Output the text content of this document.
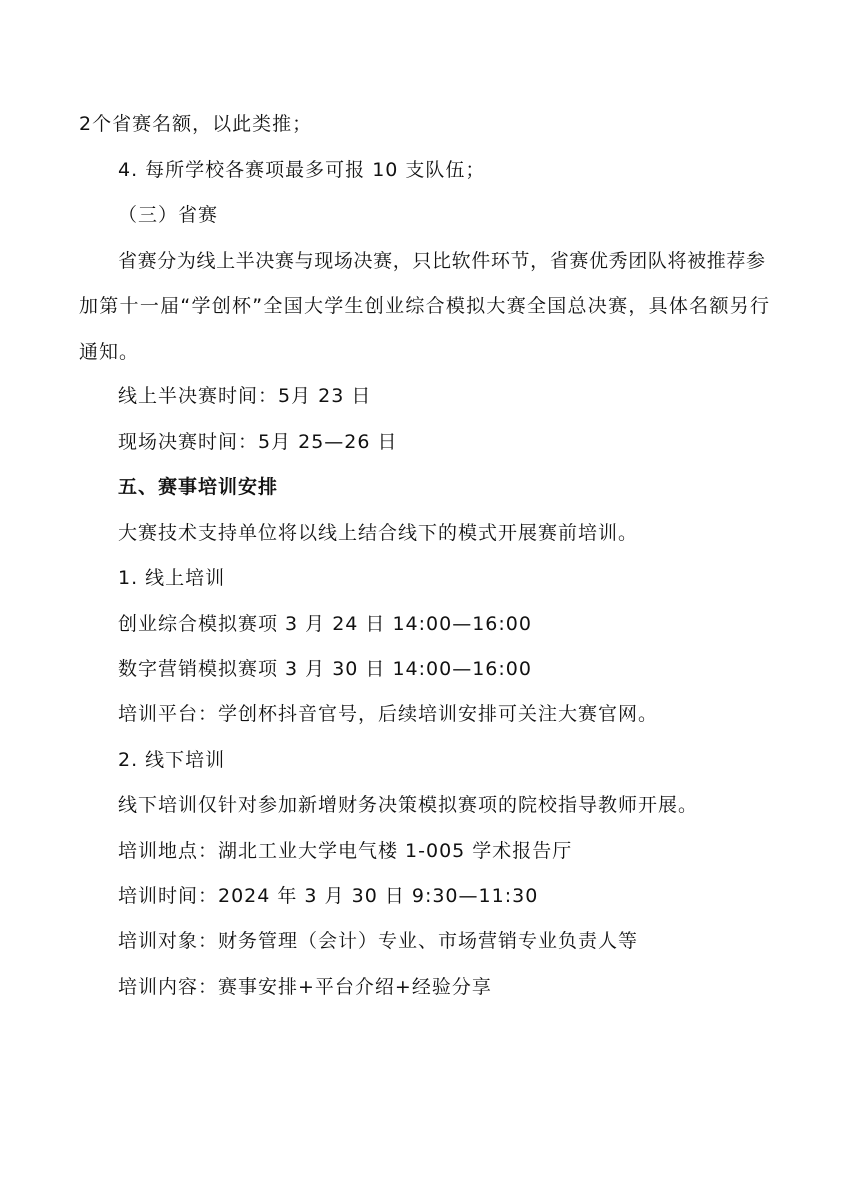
2个省赛名额，以此类推；
4. 每所学校各赛项最多可报 10 支队伍；
（三）省赛
省赛分为线上半决赛与现场决赛，只比软件环节，省赛优秀团队将被推荐参
加第十一届“学创杯”全国大学生创业综合模拟大赛全国总决赛，具体名额另行
通知。
线上半决赛时间：5月 23 日
现场决赛时间：5月 25—26 日
五、赛事培训安排
大赛技术支持单位将以线上结合线下的模式开展赛前培训。
1. 线上培训
创业综合模拟赛项 3 月 24 日 14:00—16:00
数字营销模拟赛项 3 月 30 日 14:00—16:00
培训平台：学创杯抖音官号，后续培训安排可关注大赛官网。
2. 线下培训
线下培训仅针对参加新增财务决策模拟赛项的院校指导教师开展。
培训地点：湖北工业大学电气楼 1-005 学术报告厅
培训时间：2024 年 3 月 30 日 9:30—11:30
培训对象：财务管理（会计）专业、市场营销专业负责人等
培训内容：赛事安排+平台介绍+经验分享
